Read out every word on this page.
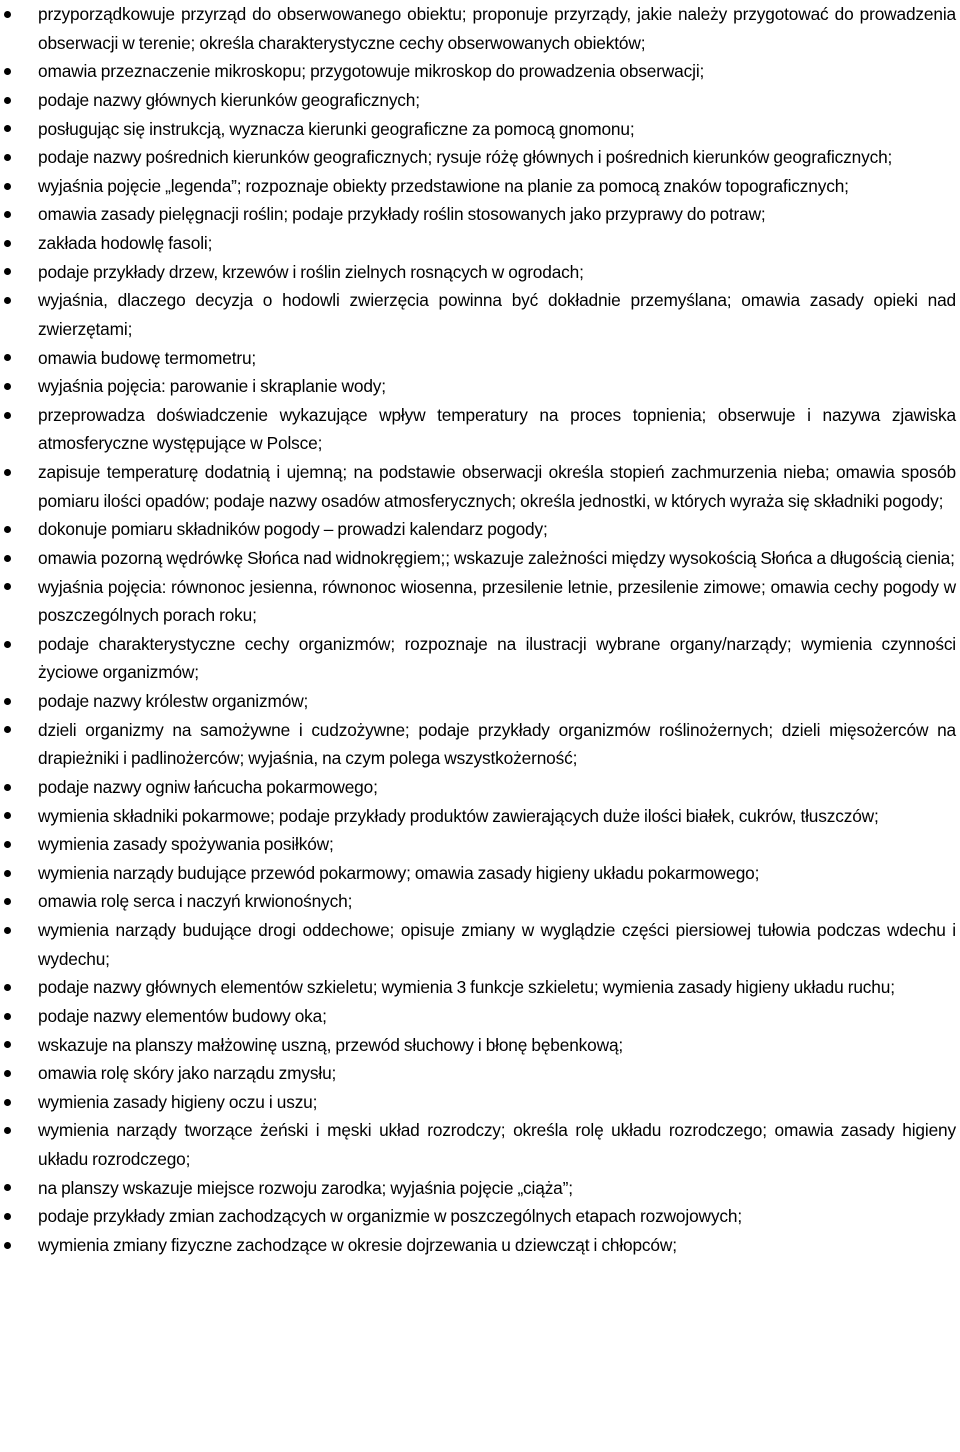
przyporządkowuje przyrząd do obserwowanego obiektu; proponuje przyrządy, jakie należy przygotować do prowadzenia obserwacji w terenie; określa charakterystyczne cechy obserwowanych obiektów;
omawia przeznaczenie mikroskopu; przygotowuje mikroskop do prowadzenia obserwacji;
podaje nazwy głównych kierunków geograficznych;
posługując się instrukcją, wyznacza kierunki geograficzne za pomocą gnomonu;
podaje nazwy pośrednich kierunków geograficznych; rysuje różę głównych i pośrednich kierunków geograficznych;
wyjaśnia pojęcie „legenda”; rozpoznaje obiekty przedstawione na planie za pomocą znaków topograficznych;
omawia zasady pielęgnacji roślin; podaje przykłady roślin stosowanych jako przyprawy do potraw;
zakłada hodowlę fasoli;
podaje przykłady drzew, krzewów i roślin zielnych rosnących w ogrodach;
wyjaśnia, dlaczego decyzja o hodowli zwierzęcia powinna być dokładnie przemyślana; omawia zasady opieki nad zwierzętami;
omawia budowę termometru;
wyjaśnia pojęcia: parowanie i skraplanie wody;
przeprowadza doświadczenie wykazujące wpływ temperatury na proces topnienia; obserwuje i nazywa zjawiska atmosferyczne występujące w Polsce;
zapisuje temperaturę dodatnią i ujemną; na podstawie obserwacji określa stopień zachmurzenia nieba; omawia sposób pomiaru ilości opadów; podaje nazwy osadów atmosferycznych; określa jednostki, w których wyraża się składniki pogody;
dokonuje pomiaru składników pogody – prowadzi kalendarz pogody;
omawia pozorną wędrówkę Słońca nad widnokręgiem;; wskazuje zależności między wysokością Słońca a długością cienia;
wyjaśnia pojęcia: równonoc jesienna, równonoc wiosenna, przesilenie letnie, przesilenie zimowe; omawia cechy pogody w poszczególnych porach roku;
podaje charakterystyczne cechy organizmów; rozpoznaje na ilustracji wybrane organy/narządy; wymienia czynności życiowe organizmów;
podaje nazwy królestw organizmów;
dzieli organizmy na samożywne i cudzożywne; podaje przykłady organizmów roślinożernych; dzieli mięsożerców na drapieżniki i padlinożerców; wyjaśnia, na czym polega wszystkożerność;
podaje nazwy ogniw łańcucha pokarmowego;
wymienia składniki pokarmowe; podaje przykłady produktów zawierających duże ilości białek, cukrów, tłuszczów;
wymienia zasady spożywania posiłków;
wymienia narządy budujące przewód pokarmowy; omawia zasady higieny układu pokarmowego;
omawia rolę serca i naczyń krwionośnych;
wymienia narządy budujące drogi oddechowe; opisuje zmiany w wyglądzie części piersiowej tułowia podczas wdechu i wydechu;
podaje nazwy głównych elementów szkieletu; wymienia 3 funkcje szkieletu; wymienia zasady higieny układu ruchu;
podaje nazwy elementów budowy oka;
wskazuje na planszy małżowinę uszną, przewód słuchowy i błonę bębenkową;
omawia rolę skóry jako narządu zmysłu;
wymienia zasady higieny oczu i uszu;
wymienia narządy tworzące żeński i męski układ rozrodczy; określa rolę układu rozrodczego; omawia zasady higieny układu rozrodczego;
na planszy wskazuje miejsce rozwoju zarodka; wyjaśnia pojęcie „ciąża”;
podaje przykłady zmian zachodzących w organizmie w poszczególnych etapach rozwojowych;
wymienia zmiany fizyczne zachodzące w okresie dojrzewania u dziewcząt i chłopców;
